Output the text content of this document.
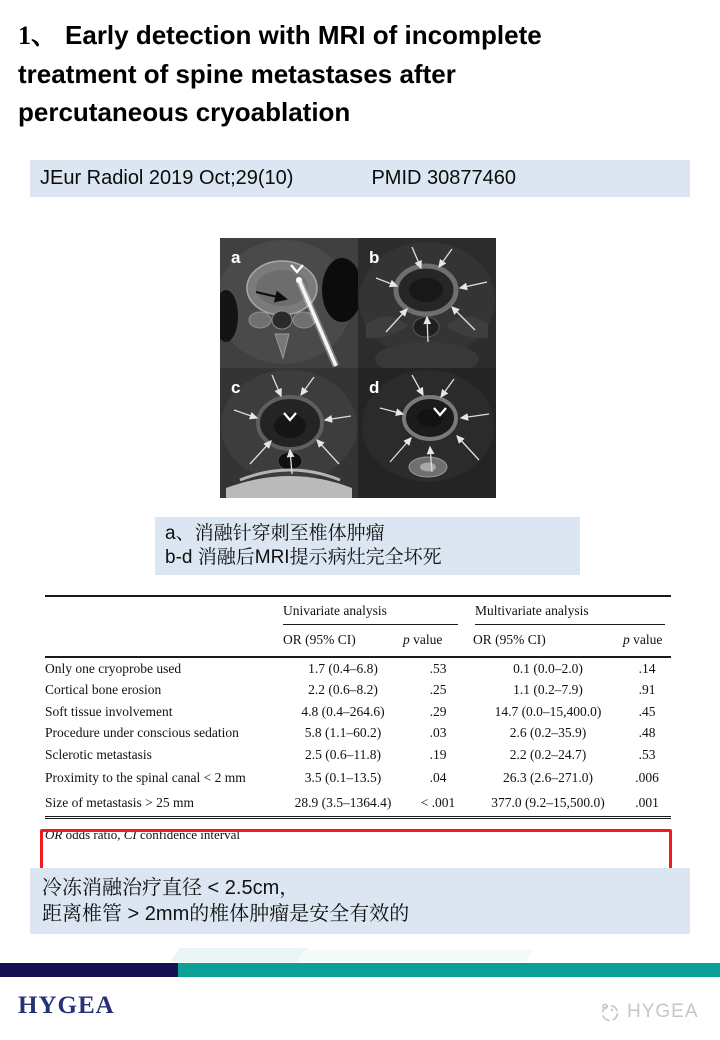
1、 Early detection with MRI of incomplete
treatment of spine metastases after
percutaneous cryoablation
JEur Radiol 2019 Oct;29(10)	PMID 30877460
a	b
c	d
a、消融针穿刺至椎体肿瘤
b-d 消融后MRI提示病灶完全坏死
Univariate analysis	Multivariate analysis
OR (95% CI)	p value	OR (95% CI)	p value
Only one cryoprobe used	1.7 (0.4–6.8)	.53	0.1 (0.0–2.0)	.14
Cortical bone erosion	2.2 (0.6–8.2)	.25	1.1 (0.2–7.9)	.91
Soft tissue involvement	4.8 (0.4–264.6)	.29	14.7 (0.0–15,400.0)	.45
Procedure under conscious sedation	5.8 (1.1–60.2)	.03	2.6 (0.2–35.9)	.48
Sclerotic metastasis	2.5 (0.6–11.8)	.19	2.2 (0.2–24.7)	.53
Proximity to the spinal canal < 2 mm	3.5 (0.1–13.5)	.04	26.3 (2.6–271.0)	.006
Size of metastasis > 25 mm	28.9 (3.5–1364.4)	< .001	377.0 (9.2–15,500.0)	.001
OR odds ratio, CI confidence interval
冷冻消融治疗直径 < 2.5cm，
距离椎管 > 2mm的椎体肿瘤是安全有效的
HYGEA	HYGEA
